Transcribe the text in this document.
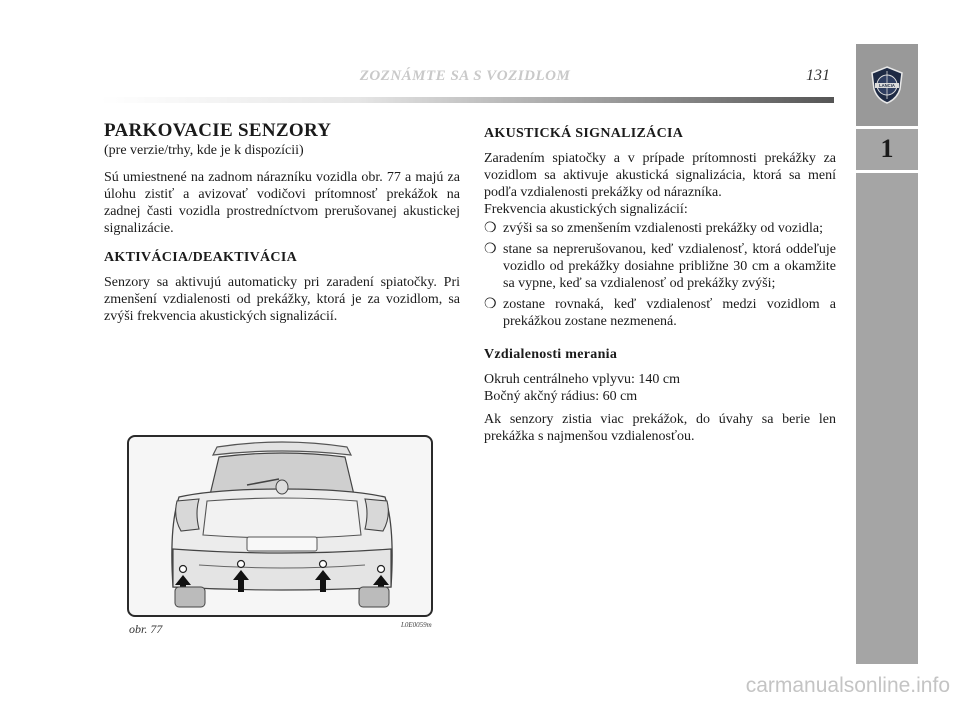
ZOZNÁMTE SA S VOZIDLOM	131
LANCIA
1
PARKOVACIE SENZORY
(pre verzie/trhy, kde je k dispozícii)

Sú umiestnené na zadnom nárazníku vozidla obr. 77 a majú za úlohu zistiť a avizovať vodičovi prítomnosť prekážok na zadnej časti vozidla prostredníctvom prerušovanej akustickej signalizácie.

AKTIVÁCIA/DEAKTIVÁCIA

Senzory sa aktivujú automaticky pri zaradení spiatočky. Pri zmenšení vzdialenosti od prekážky, ktorá je za vozidlom, sa zvýši frekvencia akustických signalizácií.

L0E0059m
obr. 77
AKUSTICKÁ SIGNALIZÁCIA

Zaradením spiatočky a v prípade prítomnosti prekážky za vozidlom sa aktivuje akustická signalizácia, ktorá sa mení podľa vzdialenosti prekážky od nárazníka.

Frekvencia akustických signalizácií:

❍ zvýši sa so zmenšením vzdialenosti prekážky od vozidla;
❍ stane sa neprerušovanou, keď vzdialenosť, ktorá oddeľuje vozidlo od prekážky dosiahne približne 30 cm a okamžite sa vypne, keď sa vzdialenosť od prekážky zvýši;
❍ zostane rovnaká, keď vzdialenosť medzi vozidlom a prekážkou zostane nezmenená.
Vzdialenosti merania

Okruh centrálneho vplyvu: 140 cm

Bočný akčný rádius: 60 cm

Ak senzory zistia viac prekážok, do úvahy sa berie len prekážka s najmenšou vzdialenosťou.

carmanualsonline.info
